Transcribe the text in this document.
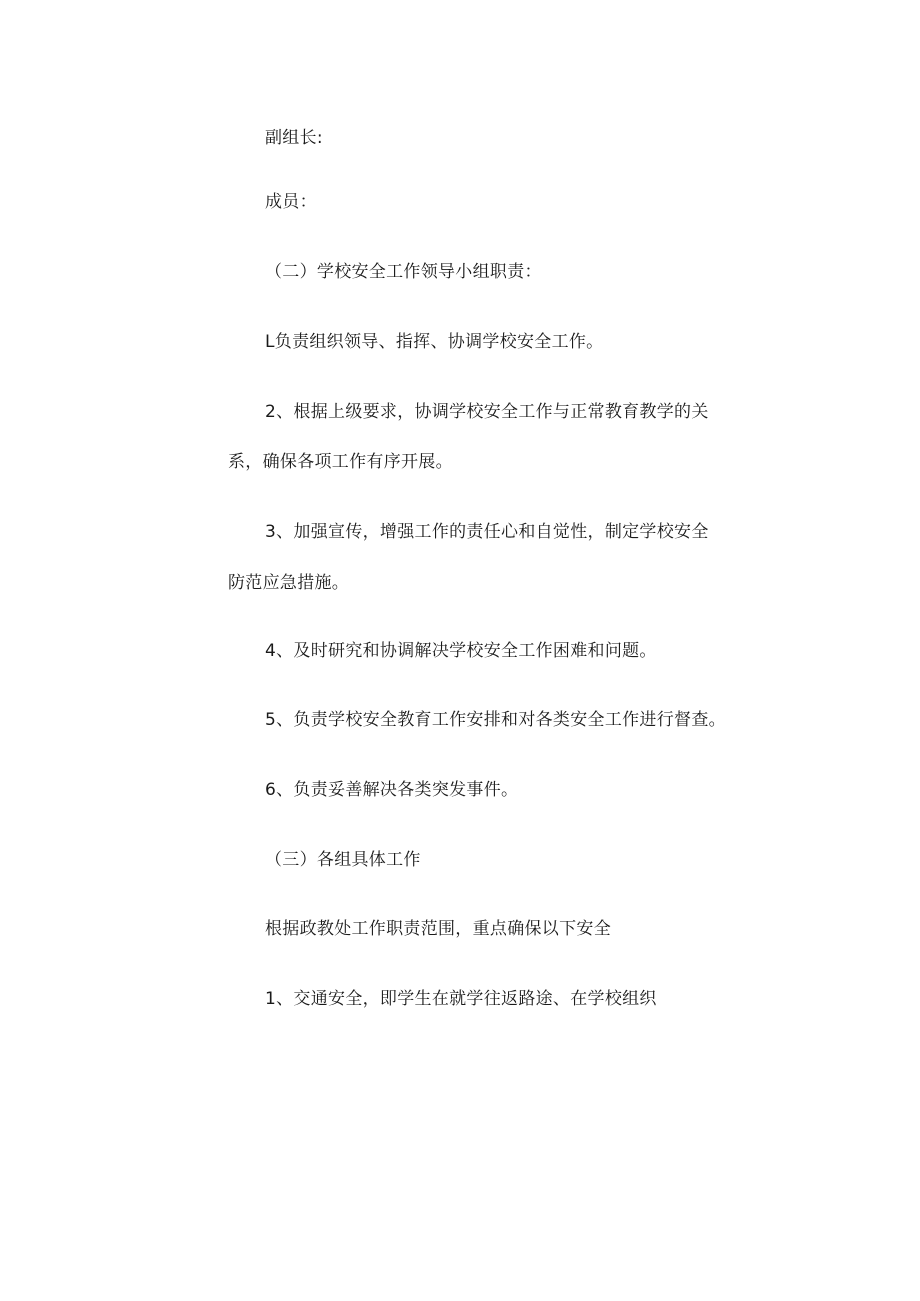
副组长:
成员：
（二）学校安全工作领导小组职责：
L负责组织领导、指挥、协调学校安全工作。
2、根据上级要求，协调学校安全工作与正常教育教学的关
系，确保各项工作有序开展。
3、加强宣传，增强工作的责任心和自觉性，制定学校安全
防范应急措施。
4、及时研究和协调解决学校安全工作困难和问题。
5、负责学校安全教育工作安排和对各类安全工作进行督查。
6、负责妥善解决各类突发事件。
（三）各组具体工作
根据政教处工作职责范围，重点确保以下安全
1、交通安全，即学生在就学往返路途、在学校组织
